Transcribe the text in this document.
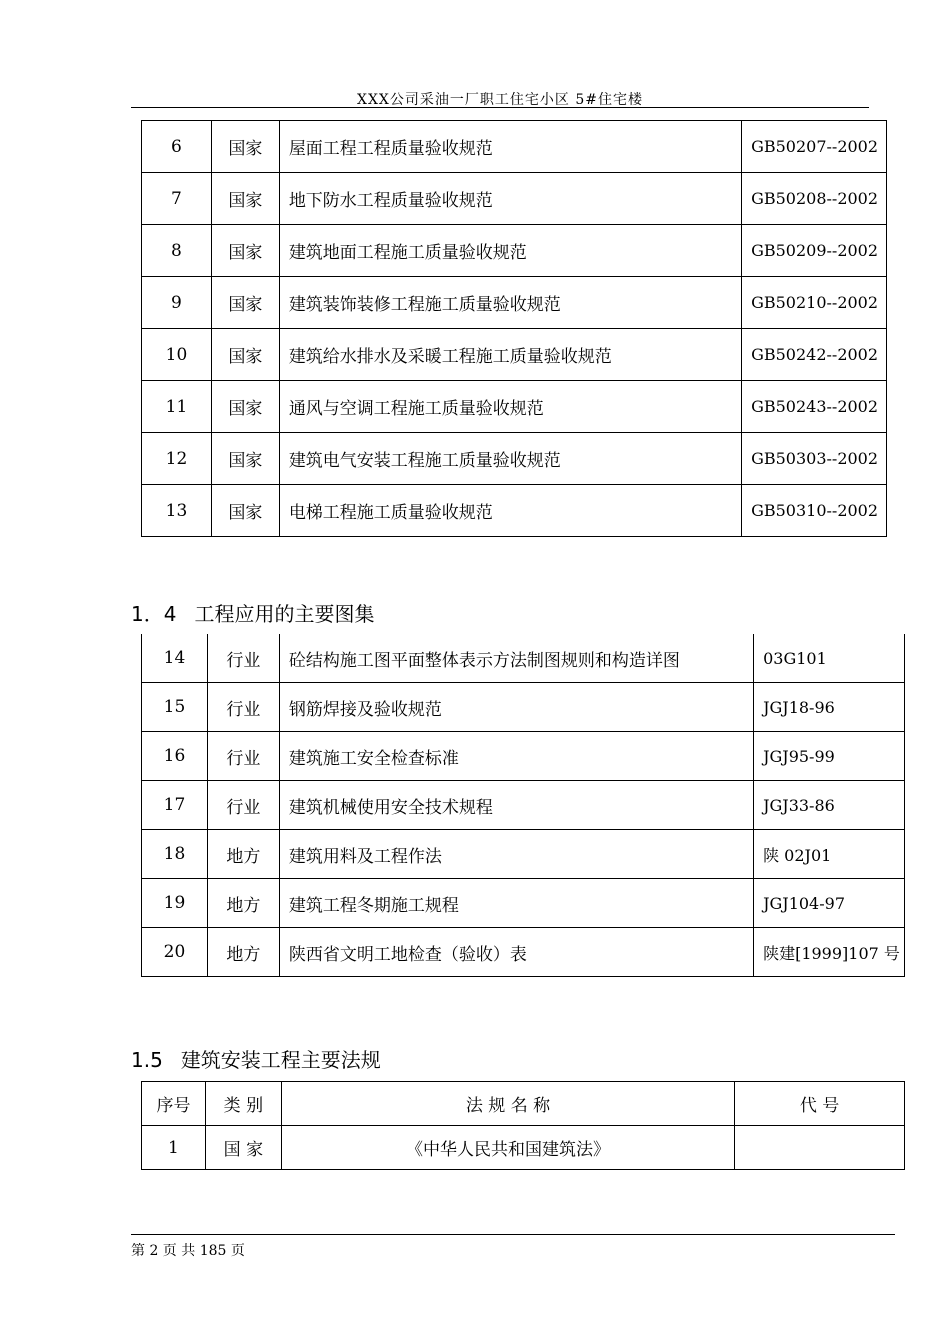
XXX公司采油一厂职工住宅小区 5#住宅楼
6	国家	屋面工程工程质量验收规范	GB50207--2002
7	国家	地下防水工程质量验收规范	GB50208--2002
8	国家	建筑地面工程施工质量验收规范	GB50209--2002
9	国家	建筑装饰装修工程施工质量验收规范	GB50210--2002
10	国家	建筑给水排水及采暖工程施工质量验收规范	GB50242--2002
11	国家	通风与空调工程施工质量验收规范	GB50243--2002
12	国家	建筑电气安装工程施工质量验收规范	GB50303--2002
13	国家	电梯工程施工质量验收规范	GB50310--2002
1．4 工程应用的主要图集
14	行业	砼结构施工图平面整体表示方法制图规则和构造详图	03G101
15	行业	钢筋焊接及验收规范	JGJ18-96
16	行业	建筑施工安全检查标准	JGJ95-99
17	行业	建筑机械使用安全技术规程	JGJ33-86
18	地方	建筑用料及工程作法	陕 02J01
19	地方	建筑工程冬期施工规程	JGJ104-97
20	地方	陕西省文明工地检查（验收）表	陕建[1999]107 号
1.5 建筑安装工程主要法规
序号	类 别	法 规 名 称	代 号
1	国 家	《中华人民共和国建筑法》	
第 2 页 共 185 页
